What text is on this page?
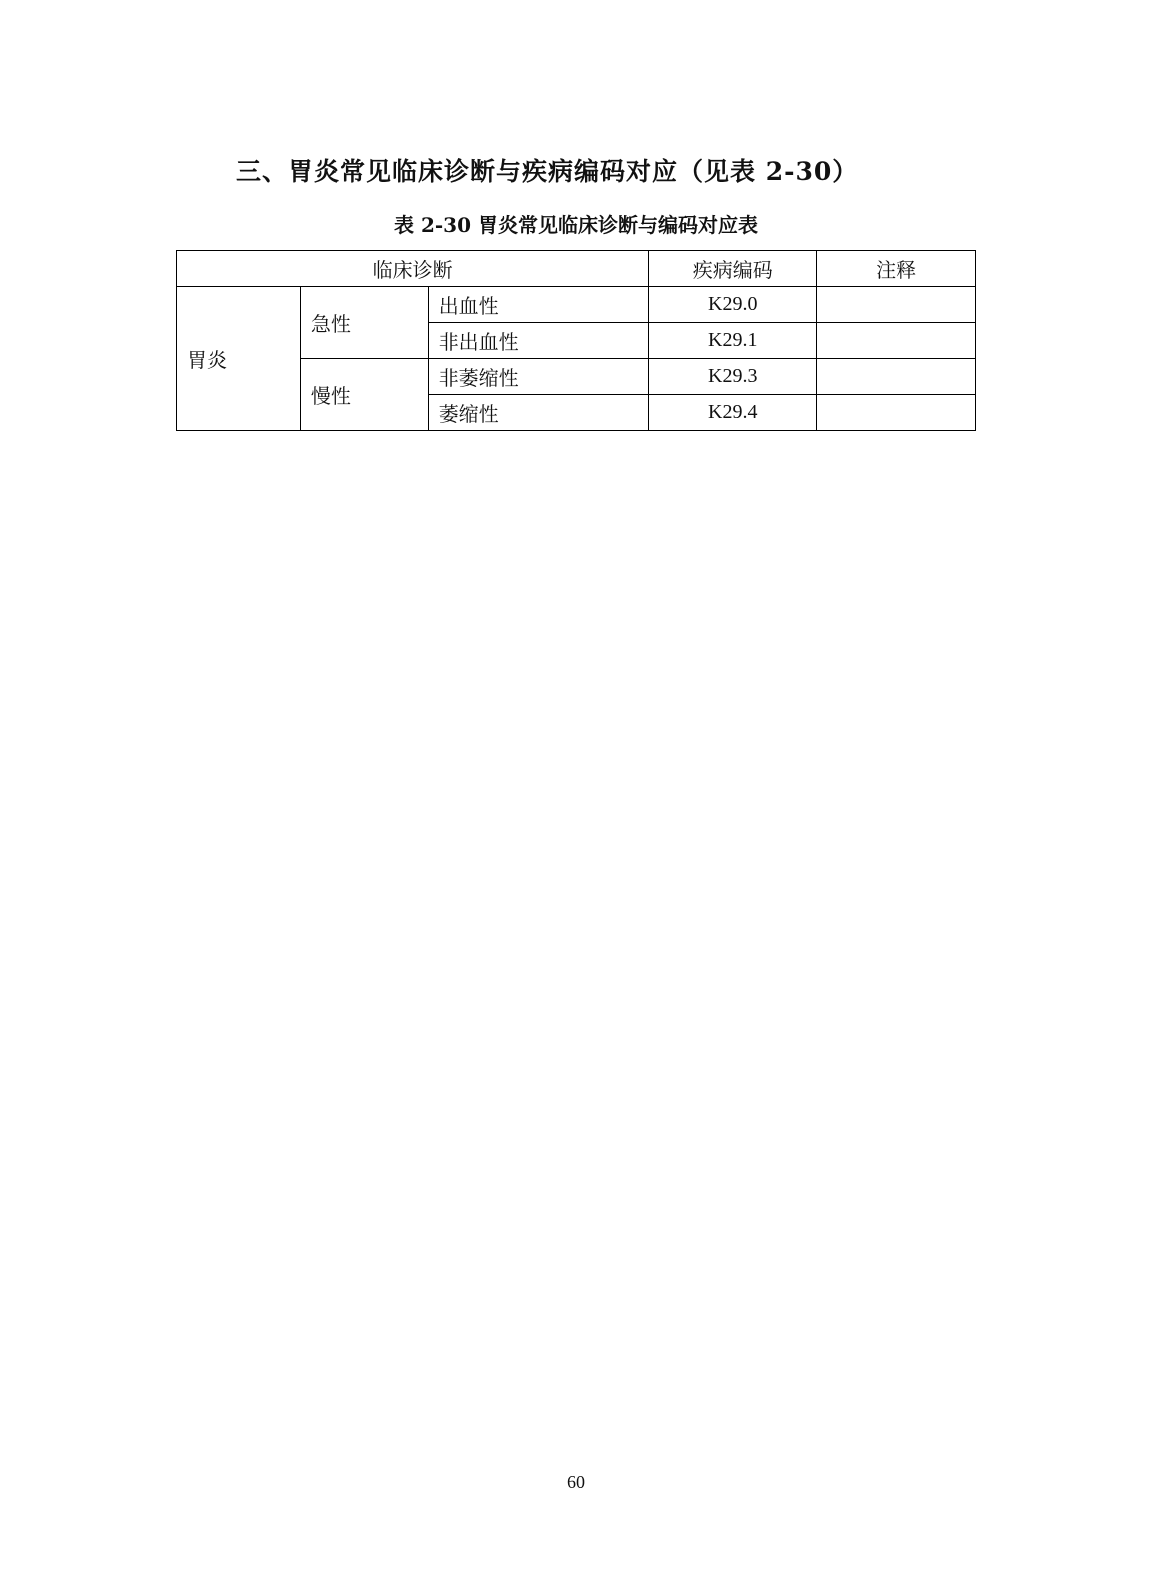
三、胃炎常见临床诊断与疾病编码对应（见表 2-30）
表 2-30 胃炎常见临床诊断与编码对应表
临床诊断			疾病编码	注释
胃炎	急性	出血性	K29.0	
		非出血性	K29.1	
	慢性	非萎缩性	K29.3	
		萎缩性	K29.4	
60
